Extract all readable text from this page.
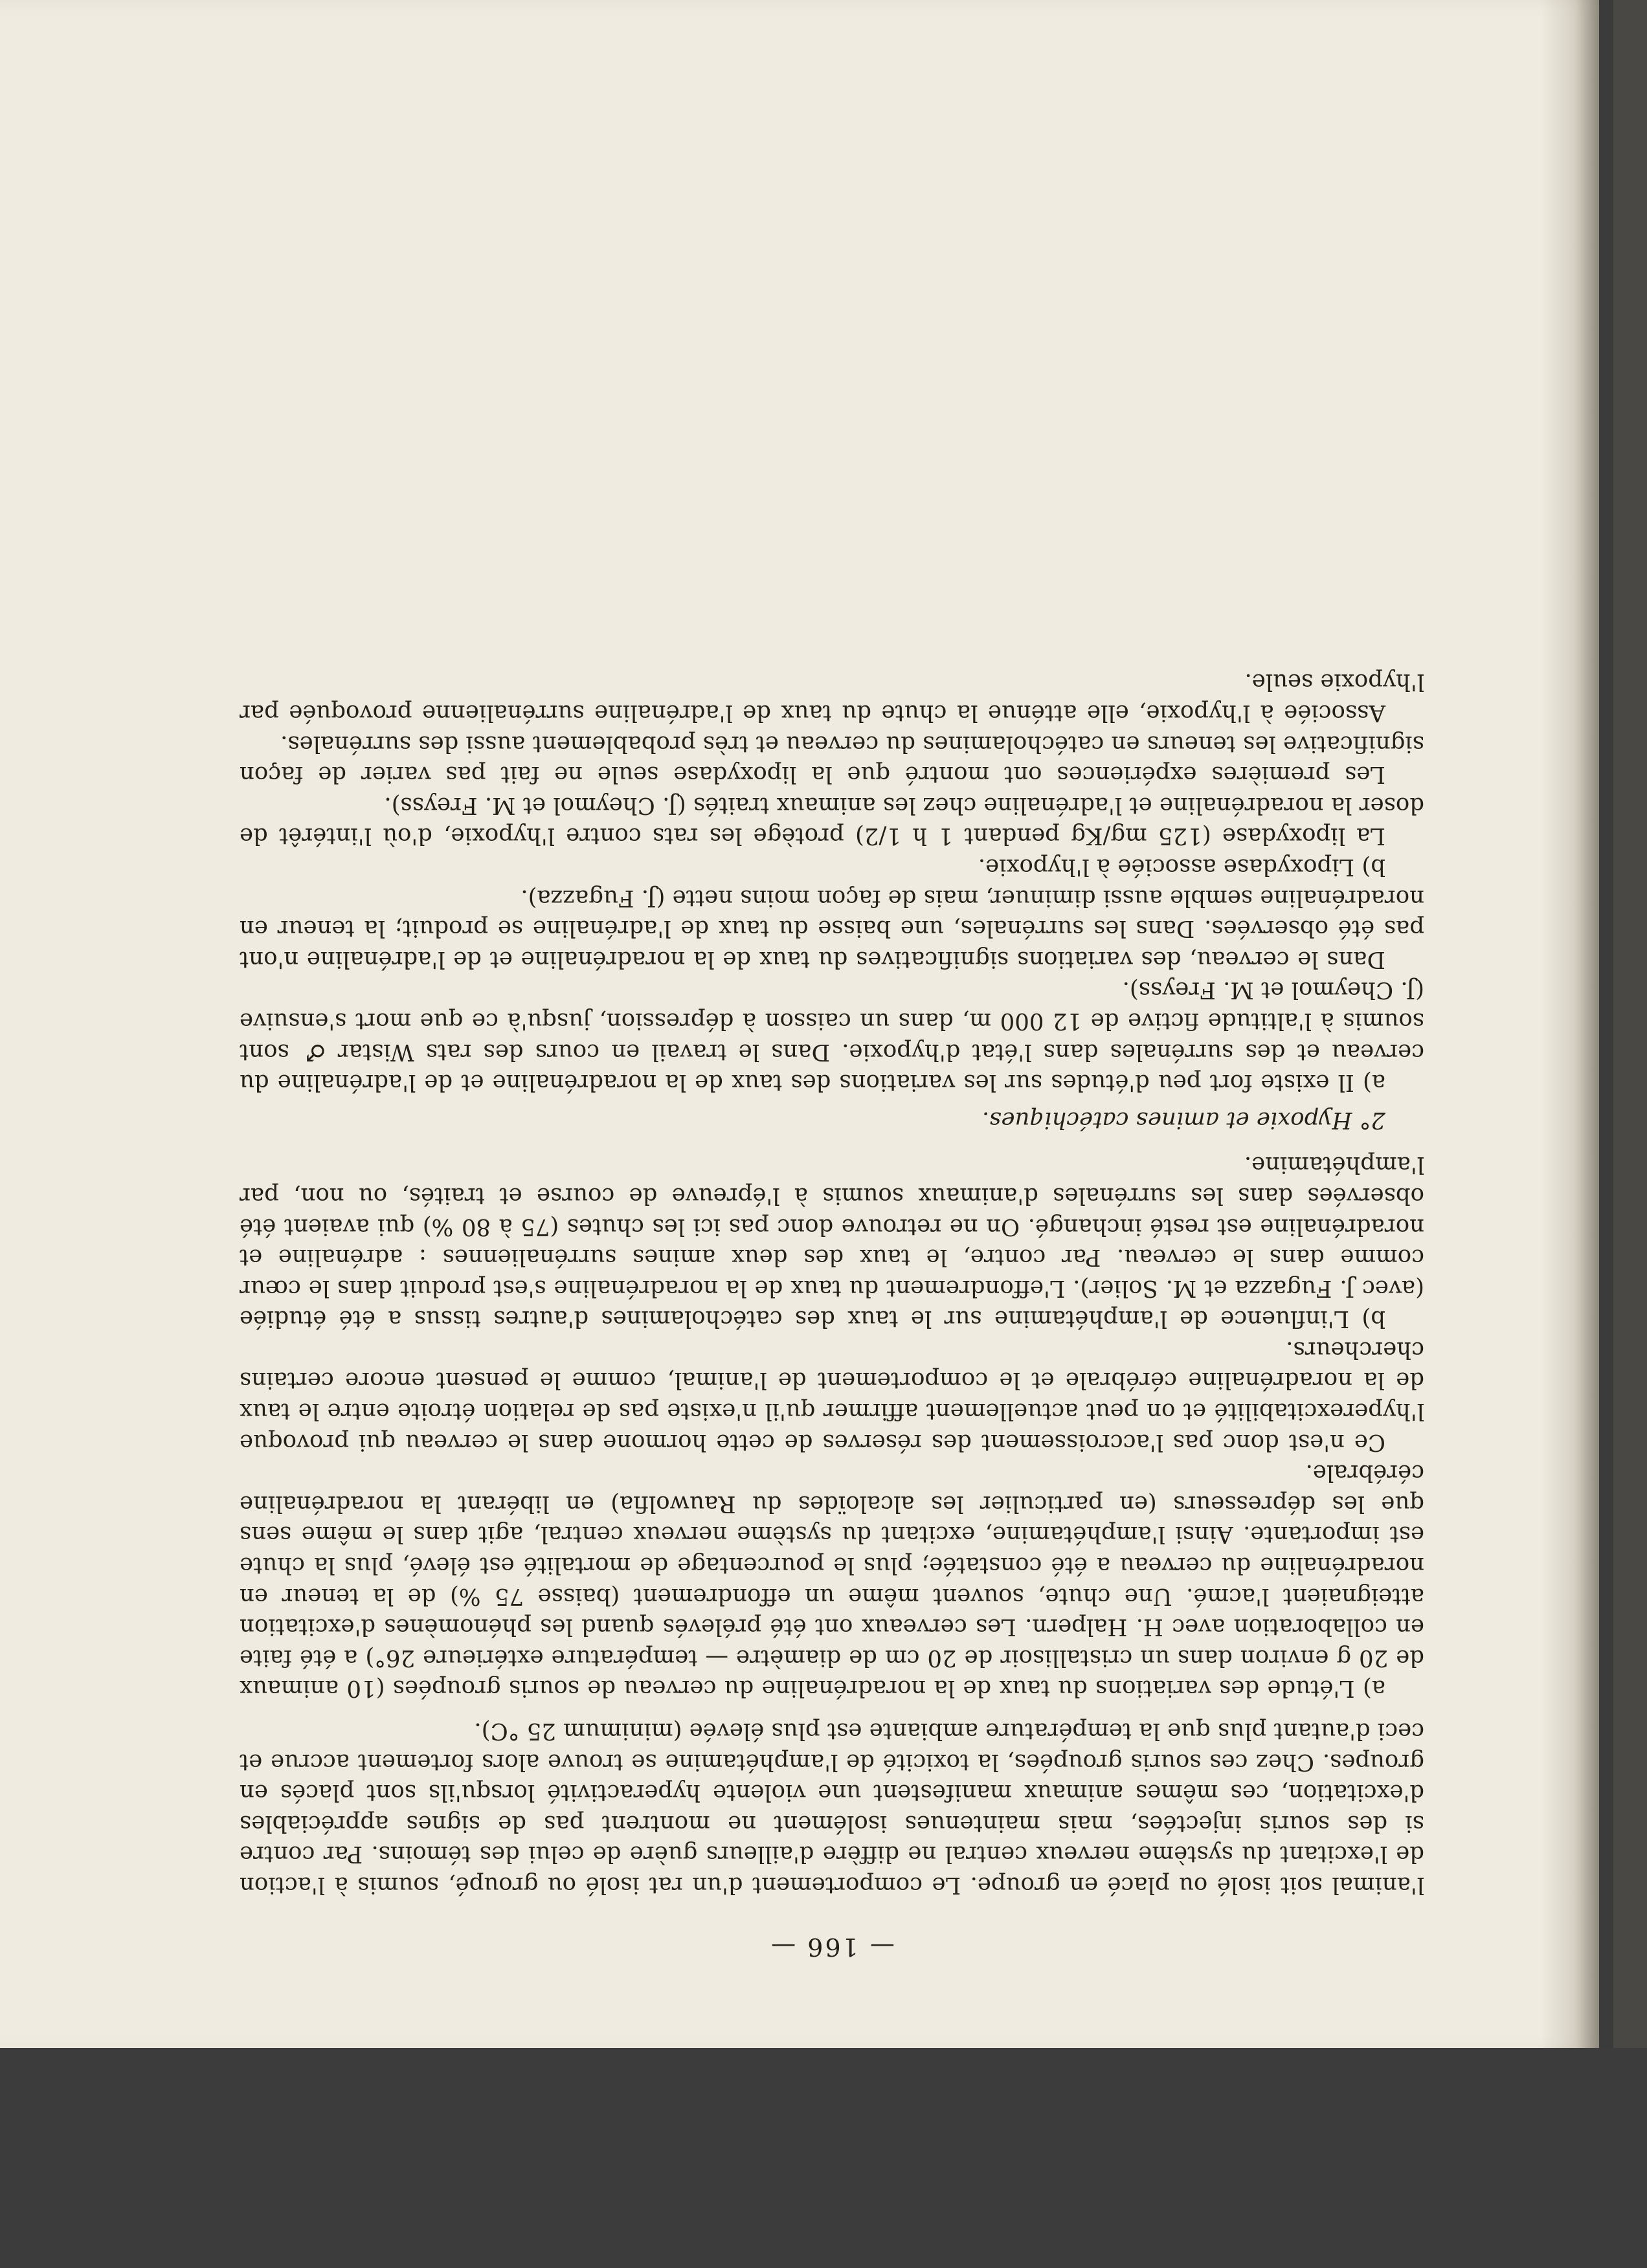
— 166 —

l'animal soit isolé ou placé en groupe. Le comportement d'un rat isolé ou groupé, soumis à l'action de l'excitant du système nerveux central ne diffère d'ailleurs guère de celui des témoins. Par contre si des souris injectées, mais maintenues isolément ne montrent pas de signes appréciables d'excitation, ces mêmes animaux manifestent une violente hyperactivité lorsqu'ils sont placés en groupes. Chez ces souris groupées, la toxicité de l'amphétamine se trouve alors fortement accrue et ceci d'autant plus que la température ambiante est plus élevée (minimum 25 °C).

a) L'étude des variations du taux de la noradrénaline du cerveau de souris groupées (10 animaux de 20 g environ dans un cristallisoir de 20 cm de diamètre — température extérieure 26°) a été faite en collaboration avec H. Halpern. Les cerveaux ont été prélevés quand les phénomènes d'excitation atteignaient l'acmé. Une chute, souvent même un effondrement (baisse 75 %) de la teneur en noradrénaline du cerveau a été constatée; plus le pourcentage de mortalité est élevé, plus la chute est importante. Ainsi l'amphétamine, excitant du système nerveux central, agit dans le même sens que les dépresseurs (en particulier les alcaloïdes du Rauwolfia) en libérant la noradrénaline cérébrale.

Ce n'est donc pas l'accroissement des réserves de cette hormone dans le cerveau qui provoque l'hyperexcitabilité et on peut actuellement affirmer qu'il n'existe pas de relation étroite entre le taux de la noradrénaline cérébrale et le comportement de l'animal, comme le pensent encore certains chercheurs.

b) L'influence de l'amphétamine sur le taux des catécholamines d'autres tissus a été étudiée (avec J. Fugazza et M. Solier). L'effondrement du taux de la noradrénaline s'est produit dans le cœur comme dans le cerveau. Par contre, le taux des deux amines surrénaliennes : adrénaline et noradrénaline est resté inchangé. On ne retrouve donc pas ici les chutes (75 à 80 %) qui avaient été observées dans les surrénales d'animaux soumis à l'épreuve de course et traités, ou non, par l'amphétamine.

2° Hypoxie et amines catéchiques.

a) Il existe fort peu d'études sur les variations des taux de la noradrénaline et de l'adrénaline du cerveau et des surrénales dans l'état d'hypoxie. Dans le travail en cours des rats Wistar ♂ sont soumis à l'altitude fictive de 12 000 m, dans un caisson à dépression, jusqu'à ce que mort s'ensuive (J. Cheymol et M. Freyss).

Dans le cerveau, des variations significatives du taux de la noradrénaline et de l'adrénaline n'ont pas été observées. Dans les surrénales, une baisse du taux de l'adrénaline se produit; la teneur en noradrénaline semble aussi diminuer, mais de façon moins nette (J. Fugazza).

b) Lipoxydase associée à l'hypoxie.

La lipoxydase (125 mg/Kg pendant 1 h 1/2) protège les rats contre l'hypoxie, d'où l'intérêt de doser la noradrénaline et l'adrénaline chez les animaux traités (J. Cheymol et M. Freyss).

Les premières expériences ont montré que la lipoxydase seule ne fait pas varier de façon significative les teneurs en catécholamines du cerveau et très probablement aussi des surrénales.

Associée à l'hypoxie, elle atténue la chute du taux de l'adrénaline surrénalienne provoquée par l'hypoxie seule.
